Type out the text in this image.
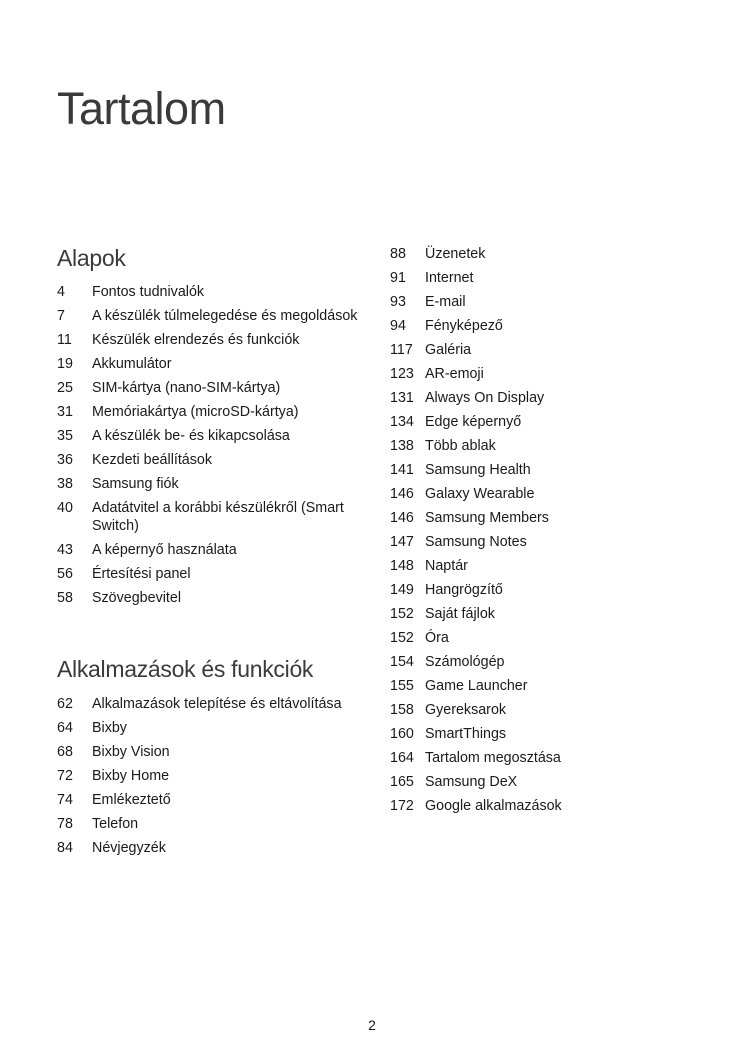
Tartalom
Alapok
4	Fontos tudnivalók
7	A készülék túlmelegedése és megoldások
11	Készülék elrendezés és funkciók
19	Akkumulátor
25	SIM-kártya (nano-SIM-kártya)
31	Memóriakártya (microSD-kártya)
35	A készülék be- és kikapcsolása
36	Kezdeti beállítások
38	Samsung fiók
40	Adatátvitel a korábbi készülékről (Smart Switch)
43	A képernyő használata
56	Értesítési panel
58	Szövegbevitel
Alkalmazások és funkciók
62	Alkalmazások telepítése és eltávolítása
64	Bixby
68	Bixby Vision
72	Bixby Home
74	Emlékeztető
78	Telefon
84	Névjegyzék
88	Üzenetek
91	Internet
93	E-mail
94	Fényképező
117 Galéria
123 AR-emoji
131 Always On Display
134 Edge képernyő
138 Több ablak
141 Samsung Health
146 Galaxy Wearable
146 Samsung Members
147 Samsung Notes
148 Naptár
149 Hangrögzítő
152 Saját fájlok
152 Óra
154 Számológép
155 Game Launcher
158 Gyereksarok
160 SmartThings
164 Tartalom megosztása
165 Samsung DeX
172 Google alkalmazások
2
